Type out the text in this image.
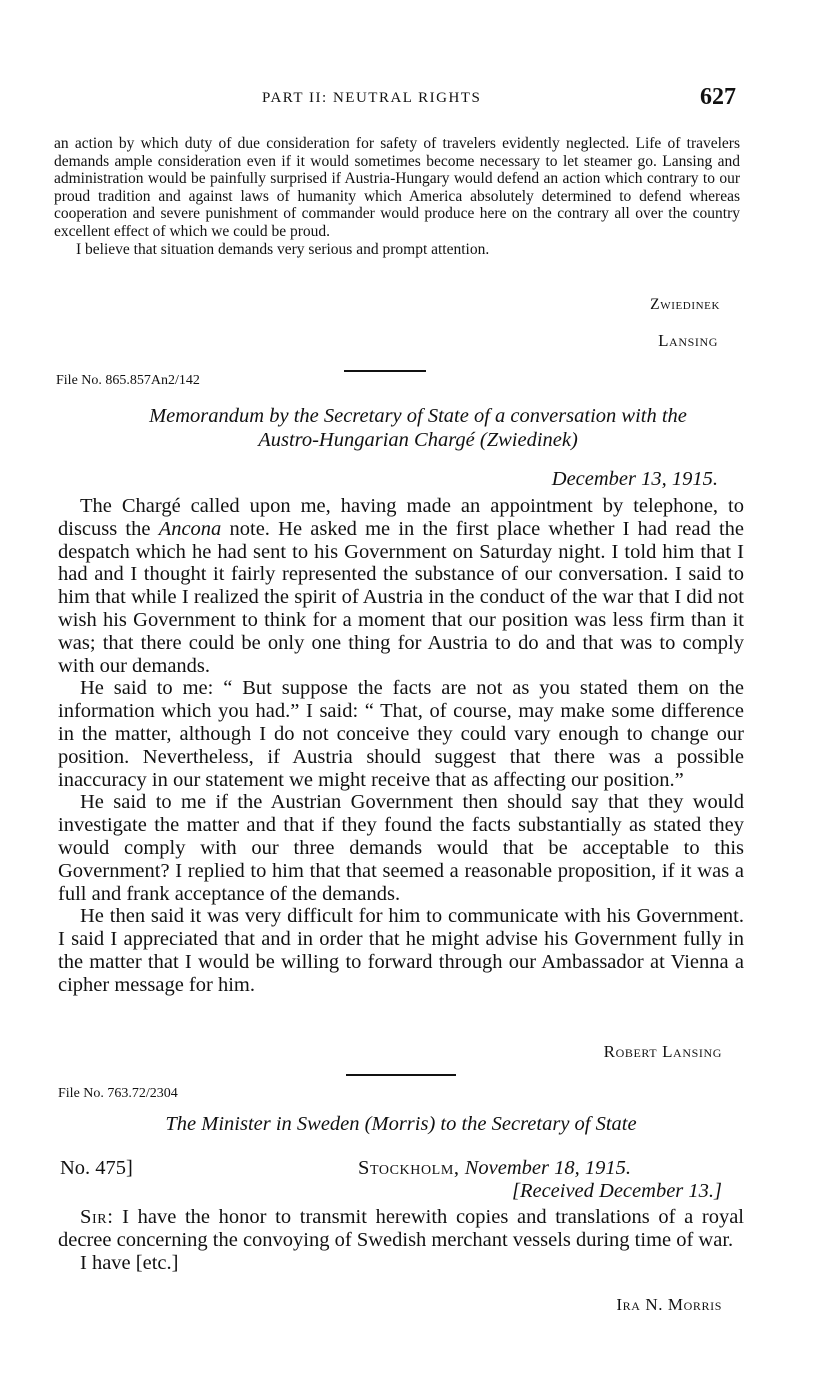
PART II: NEUTRAL RIGHTS	627

an action by which duty of due consideration for safety of travelers evidently neglected. Life of travelers demands ample consideration even if it would sometimes become necessary to let steamer go. Lansing and administration would be painfully surprised if Austria-Hungary would defend an action which contrary to our proud tradition and against laws of humanity which America absolutely determined to defend whereas cooperation and severe punishment of commander would produce here on the contrary all over the country excellent effect of which we could be proud.

I believe that situation demands very serious and prompt attention.

Zwiedinek
Lansing
File No. 865.857An2/142
Memorandum by the Secretary of State of a conversation with the
Austro-Hungarian Chargé (Zwiedinek)
December 13, 1915.

The Chargé called upon me, having made an appointment by telephone, to discuss the Ancona note. He asked me in the first place whether I had read the despatch which he had sent to his Government on Saturday night. I told him that I had and I thought it fairly represented the substance of our conversation. I said to him that while I realized the spirit of Austria in the conduct of the war that I did not wish his Government to think for a moment that our position was less firm than it was; that there could be only one thing for Austria to do and that was to comply with our demands.

He said to me: “ But suppose the facts are not as you stated them on the information which you had.” I said: “ That, of course, may make some difference in the matter, although I do not conceive they could vary enough to change our position. Nevertheless, if Austria should suggest that there was a possible inaccuracy in our statement we might receive that as affecting our position.”

He said to me if the Austrian Government then should say that they would investigate the matter and that if they found the facts substantially as stated they would comply with our three demands would that be acceptable to this Government? I replied to him that that seemed a reasonable proposition, if it was a full and frank acceptance of the demands.

He then said it was very difficult for him to communicate with his Government. I said I appreciated that and in order that he might advise his Government fully in the matter that I would be willing to forward through our Ambassador at Vienna a cipher message for him.

Robert Lansing
File No. 763.72/2304
The Minister in Sweden (Morris) to the Secretary of State
No. 475]	Stockholm, November 18, 1915.
[Received December 13.]

Sir: I have the honor to transmit herewith copies and translations of a royal decree concerning the convoying of Swedish merchant vessels during time of war.

I have [etc.]

Ira N. Morris
